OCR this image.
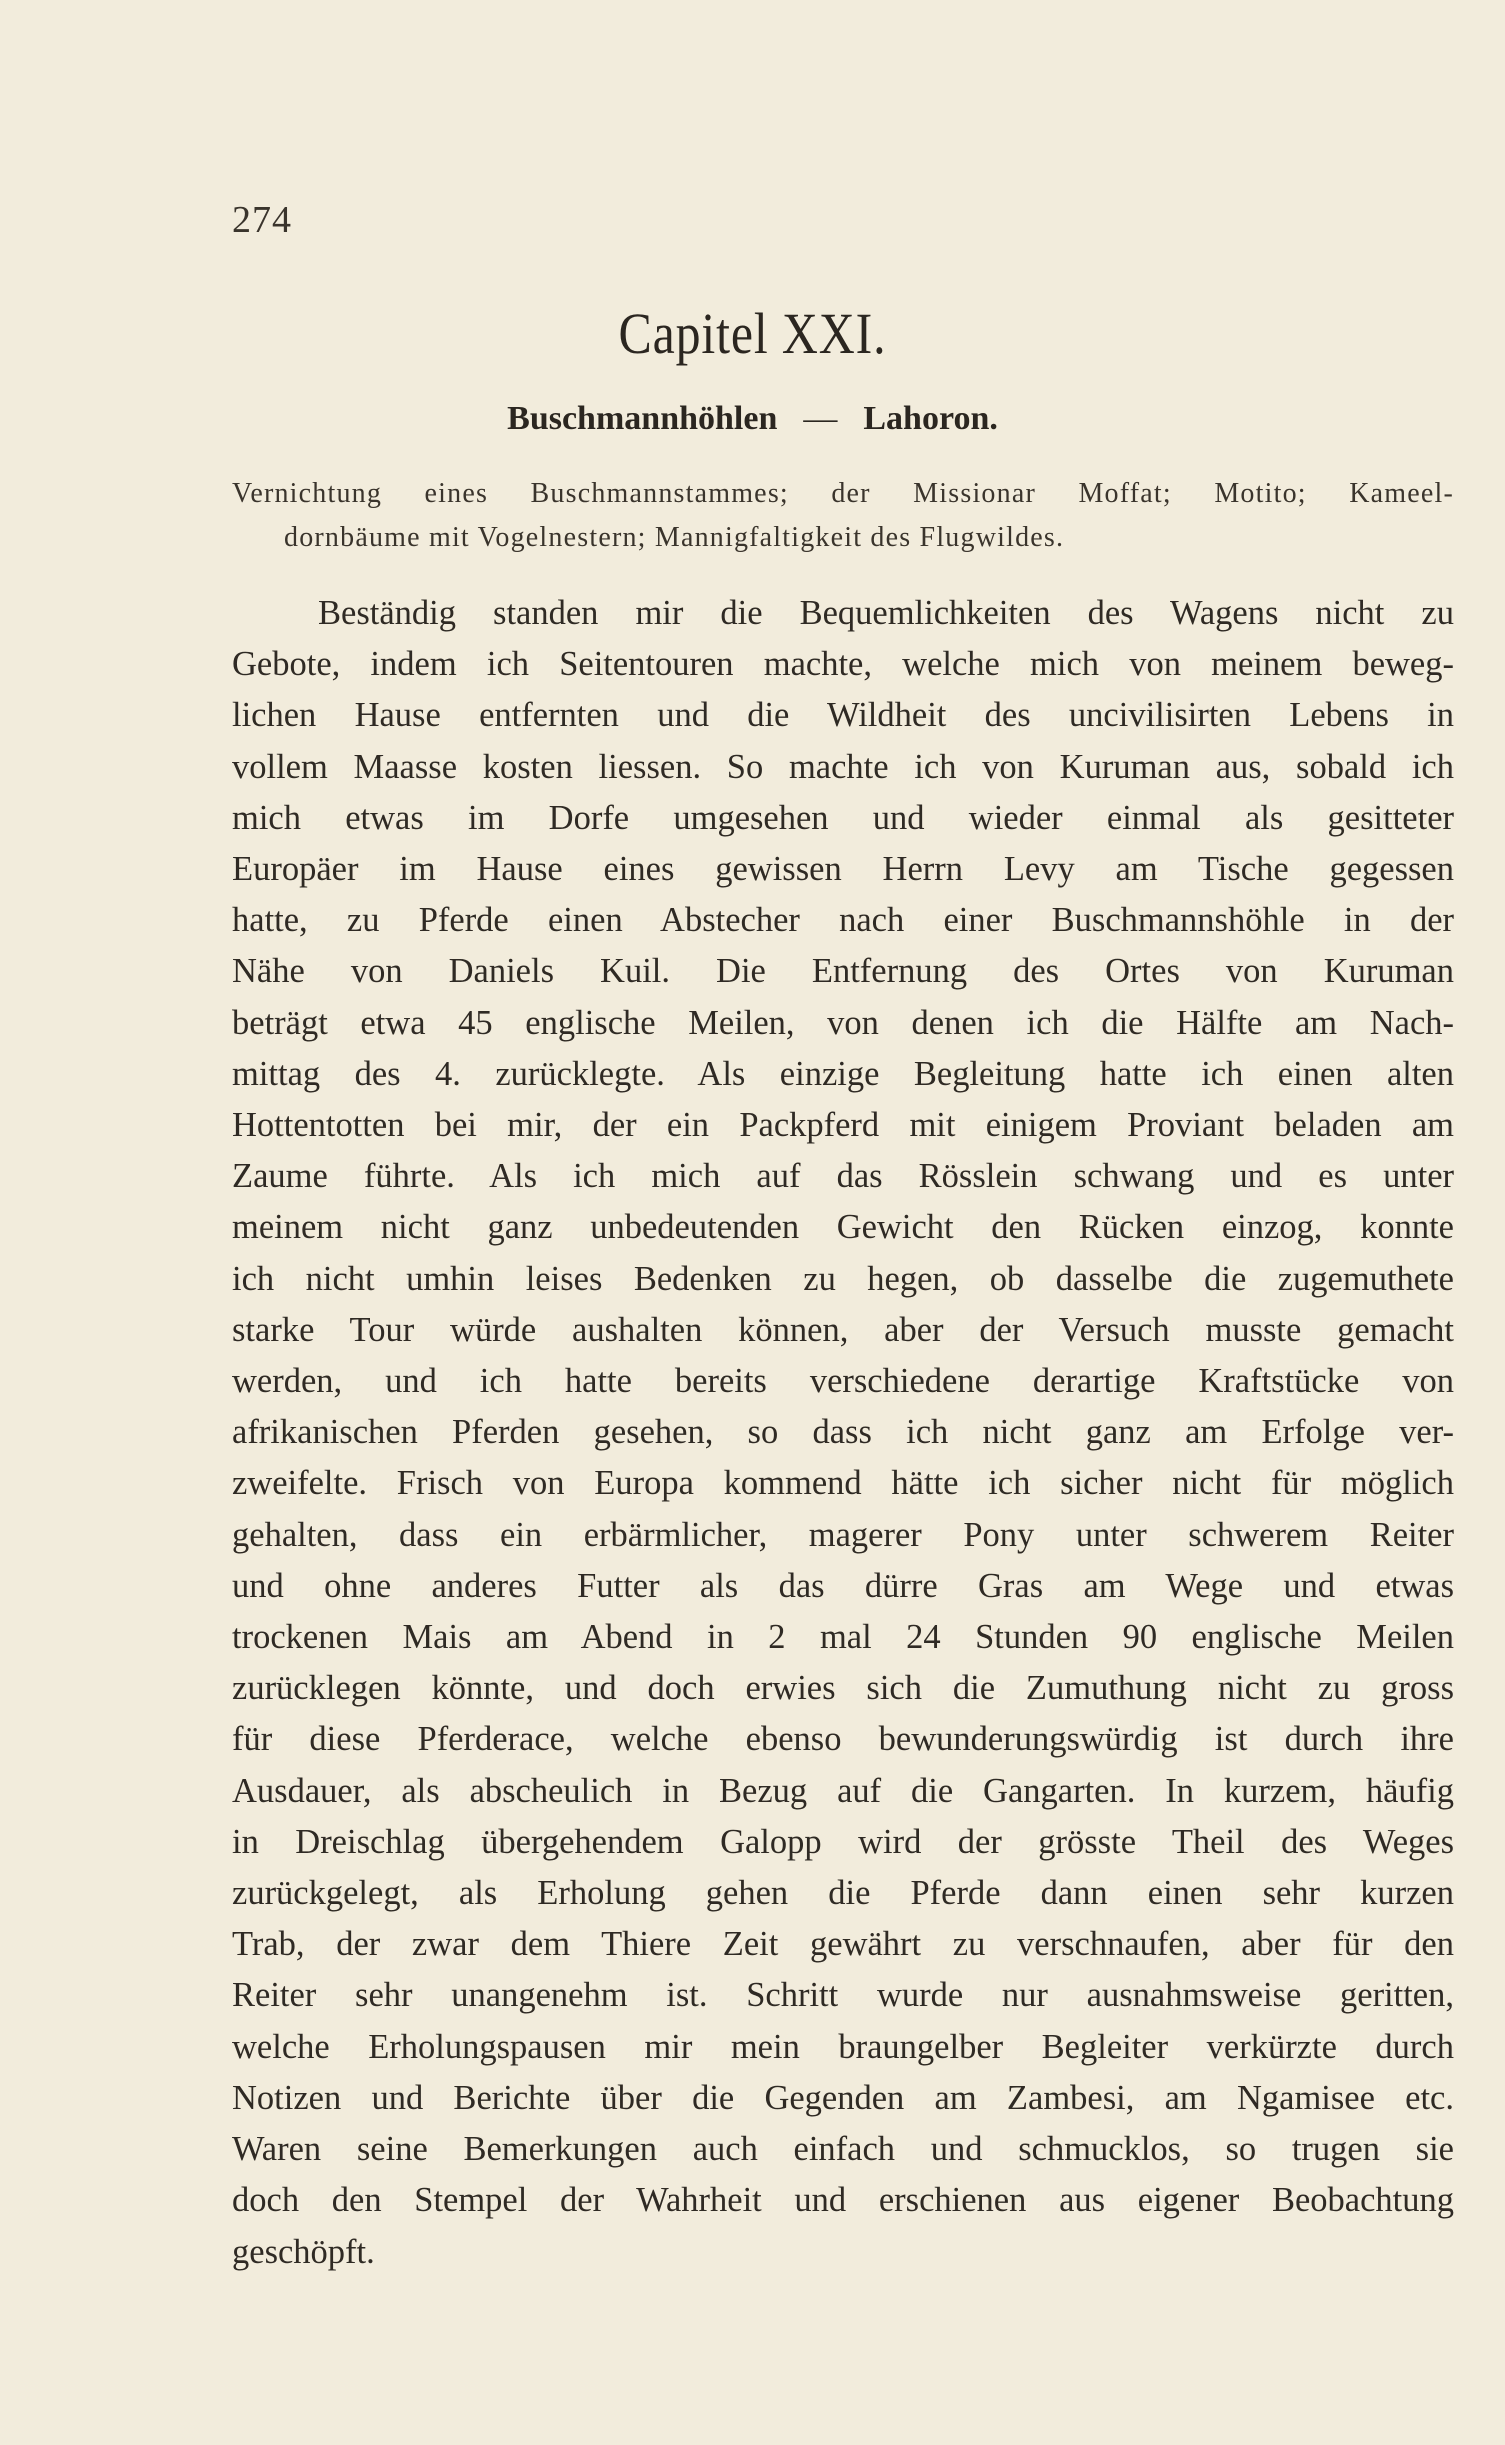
274
Capitel XXI.
Buschmannhöhlen — Lahoron.
Vernichtung eines Buschmannstammes; der Missionar Moffat; Motito; Kameel-
dornbäume mit Vogelnestern; Mannigfaltigkeit des Flugwildes.
Beständig standen mir die Bequemlichkeiten des Wagens nicht zu
Gebote, indem ich Seitentouren machte, welche mich von meinem beweg-
lichen Hause entfernten und die Wildheit des uncivilisirten Lebens in
vollem Maasse kosten liessen. So machte ich von Kuruman aus, sobald ich
mich etwas im Dorfe umgesehen und wieder einmal als gesitteter
Europäer im Hause eines gewissen Herrn Levy am Tische gegessen
hatte, zu Pferde einen Abstecher nach einer Buschmannshöhle in der
Nähe von Daniels Kuil. Die Entfernung des Ortes von Kuruman
beträgt etwa 45 englische Meilen, von denen ich die Hälfte am Nach-
mittag des 4. zurücklegte. Als einzige Begleitung hatte ich einen alten
Hottentotten bei mir, der ein Packpferd mit einigem Proviant beladen am
Zaume führte. Als ich mich auf das Rösslein schwang und es unter
meinem nicht ganz unbedeutenden Gewicht den Rücken einzog, konnte
ich nicht umhin leises Bedenken zu hegen, ob dasselbe die zugemuthete
starke Tour würde aushalten können, aber der Versuch musste gemacht
werden, und ich hatte bereits verschiedene derartige Kraftstücke von
afrikanischen Pferden gesehen, so dass ich nicht ganz am Erfolge ver-
zweifelte. Frisch von Europa kommend hätte ich sicher nicht für möglich
gehalten, dass ein erbärmlicher, magerer Pony unter schwerem Reiter
und ohne anderes Futter als das dürre Gras am Wege und etwas
trockenen Mais am Abend in 2 mal 24 Stunden 90 englische Meilen
zurücklegen könnte, und doch erwies sich die Zumuthung nicht zu gross
für diese Pferderace, welche ebenso bewunderungswürdig ist durch ihre
Ausdauer, als abscheulich in Bezug auf die Gangarten. In kurzem, häufig
in Dreischlag übergehendem Galopp wird der grösste Theil des Weges
zurückgelegt, als Erholung gehen die Pferde dann einen sehr kurzen
Trab, der zwar dem Thiere Zeit gewährt zu verschnaufen, aber für den
Reiter sehr unangenehm ist. Schritt wurde nur ausnahmsweise geritten,
welche Erholungspausen mir mein braungelber Begleiter verkürzte durch
Notizen und Berichte über die Gegenden am Zambesi, am Ngamisee etc.
Waren seine Bemerkungen auch einfach und schmucklos, so trugen sie
doch den Stempel der Wahrheit und erschienen aus eigener Beobachtung
geschöpft.
